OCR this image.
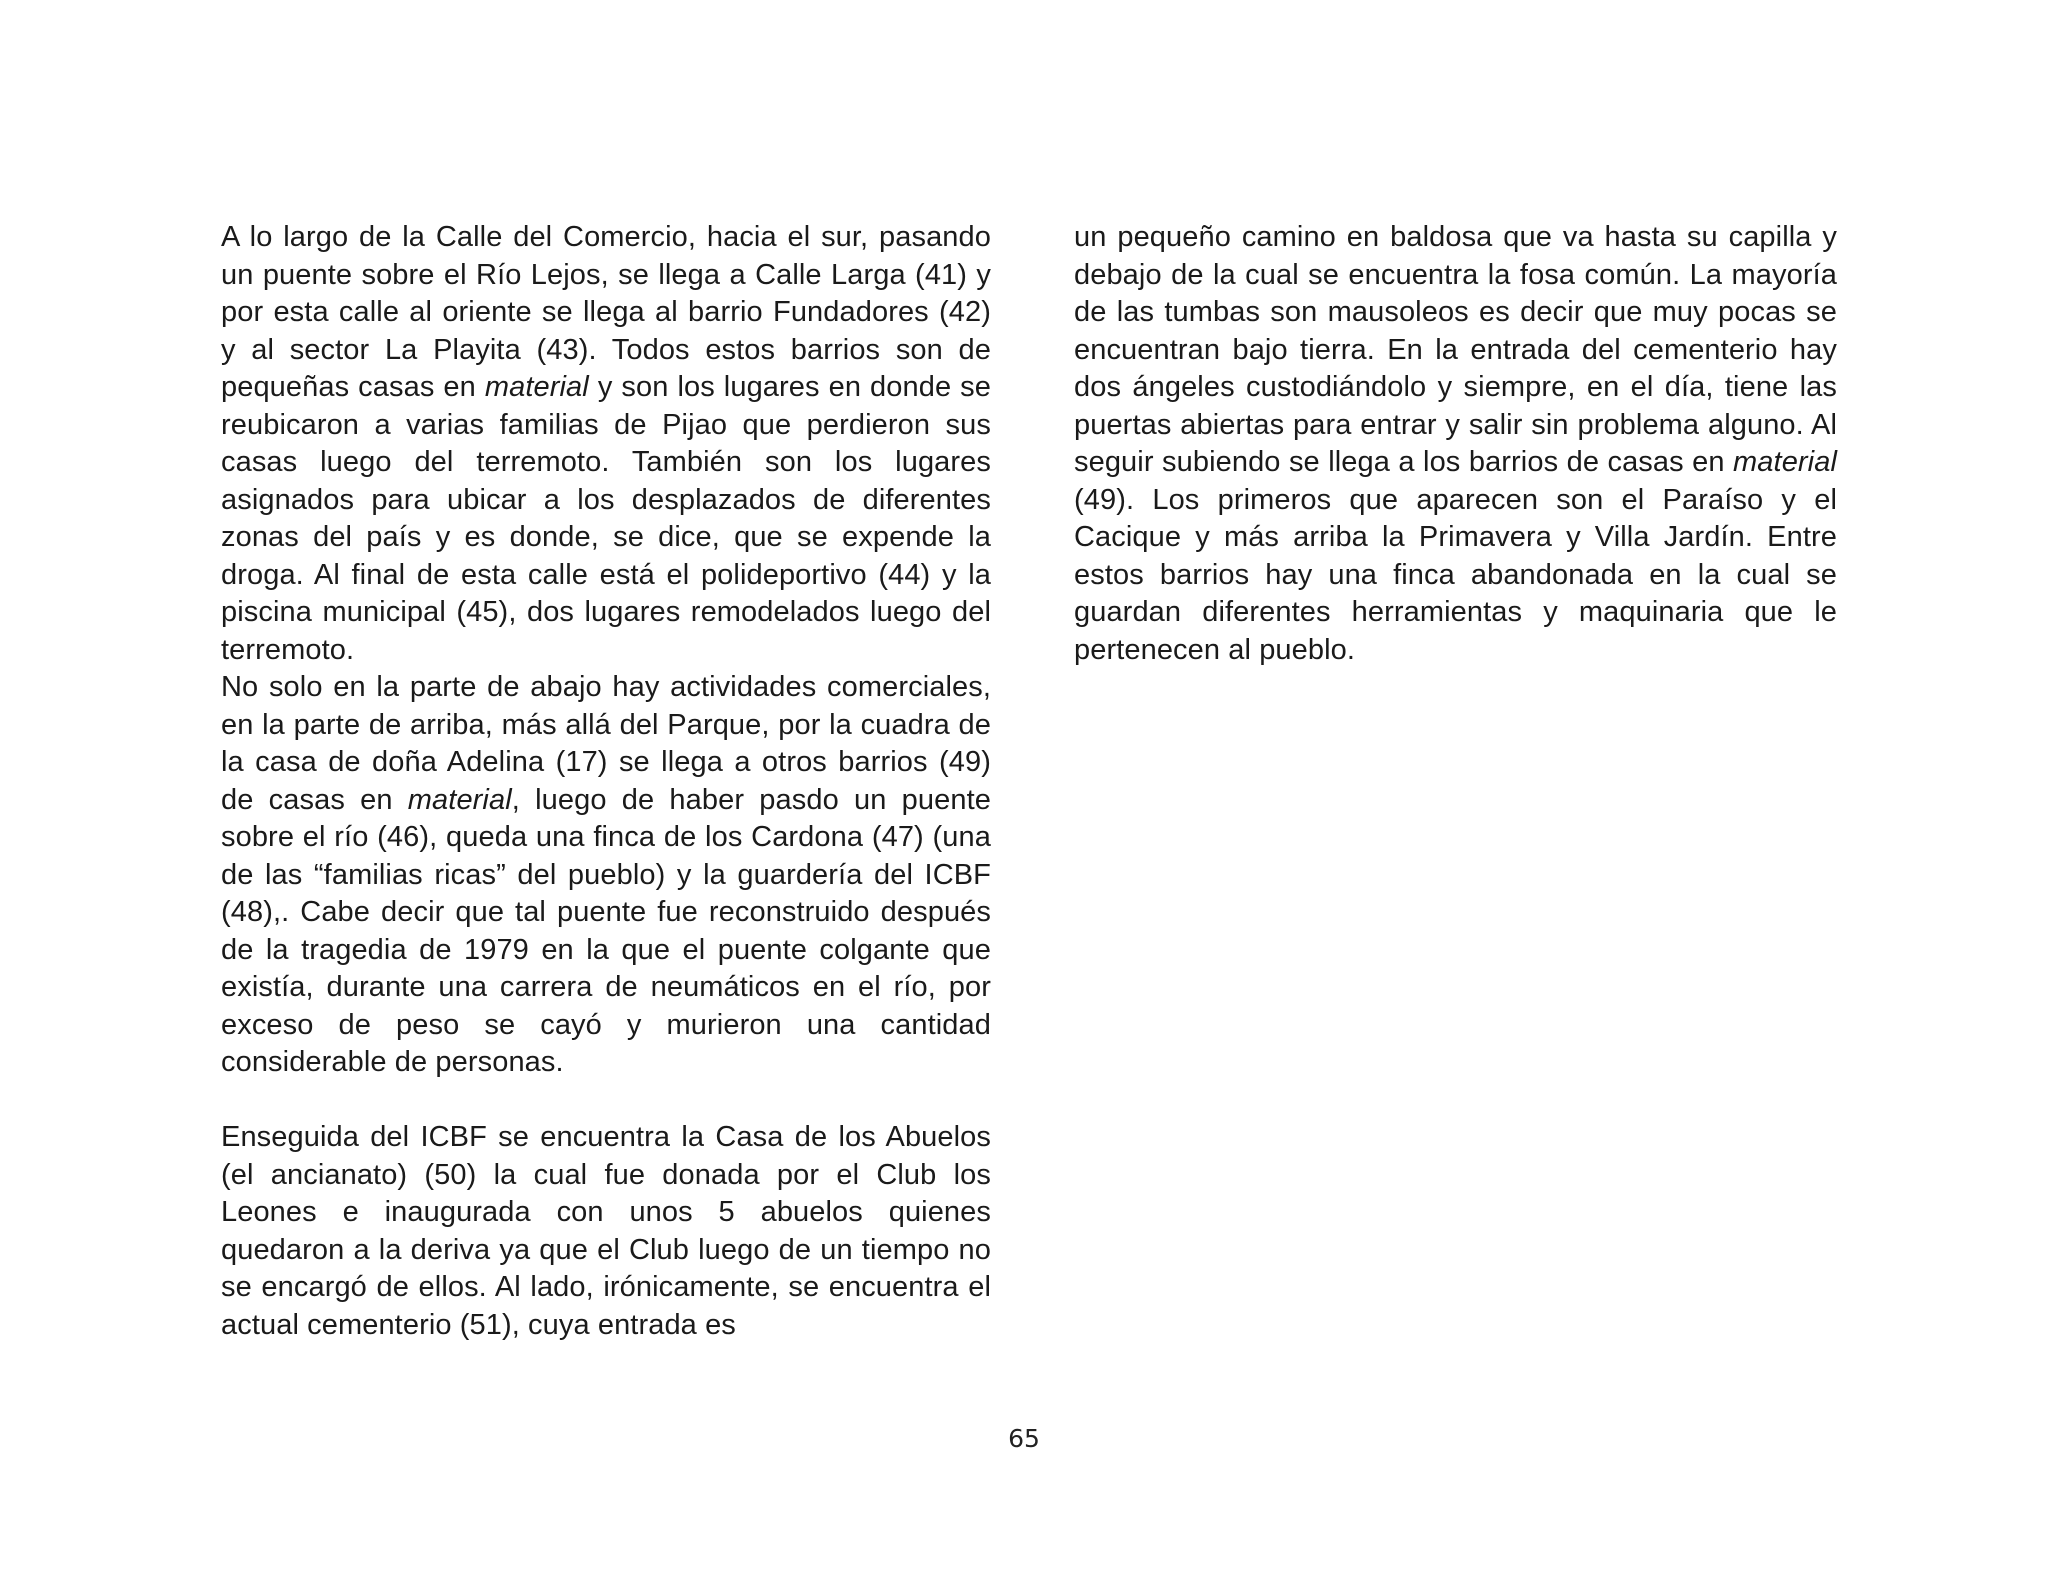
A lo largo de la Calle del Comercio, hacia el sur, pasando un puente sobre el Río Lejos, se llega a Calle Larga (41) y por esta calle al oriente se llega al barrio Fundadores (42) y al sector La Playita (43). Todos estos barrios son de pequeñas casas en material y son los lugares en donde se reubicaron a varias familias de Pijao que perdieron sus casas luego del terremoto. También son los lugares asignados para ubicar a los desplazados de diferentes zonas del país y es donde, se dice, que se expende la droga. Al final de esta calle está el polideportivo (44) y la piscina municipal (45), dos lugares remodelados luego del terremoto.

No solo en la parte de abajo hay actividades comerciales, en la parte de arriba, más allá del Parque, por la cuadra de la casa de doña Adelina (17) se llega a otros barrios (49) de casas en material, luego de haber pasdo un puente sobre el río (46), queda una finca de los Cardona (47) (una de las “familias ricas” del pueblo) y la guardería del ICBF (48),. Cabe decir que tal puente fue reconstruido después de la tragedia de 1979 en la que el puente colgante que existía, durante una carrera de neumáticos en el río, por exceso de peso se cayó y murieron una cantidad considerable de personas.

Enseguida del ICBF se encuentra la Casa de los Abuelos (el ancianato) (50) la cual fue donada por el Club los Leones e inaugurada con unos 5 abuelos quienes quedaron a la deriva ya que el Club luego de un tiempo no se encargó de ellos. Al lado, irónicamente, se encuentra el actual cementerio (51), cuya entrada es

un pequeño camino en baldosa que va hasta su capilla y debajo de la cual se encuentra la fosa común. La mayoría de las tumbas son mausoleos es decir que muy pocas se encuentran bajo tierra. En la entrada del cementerio hay dos ángeles custodiándolo y siempre, en el día, tiene las puertas abiertas para entrar y salir sin problema alguno. Al seguir subiendo se llega a los barrios de casas en material (49). Los primeros que aparecen son el Paraíso y el Cacique y más arriba la Primavera y Villa Jardín. Entre estos barrios hay una finca abandonada en la cual se guardan diferentes herramientas y maquinaria que le pertenecen al pueblo.

65
